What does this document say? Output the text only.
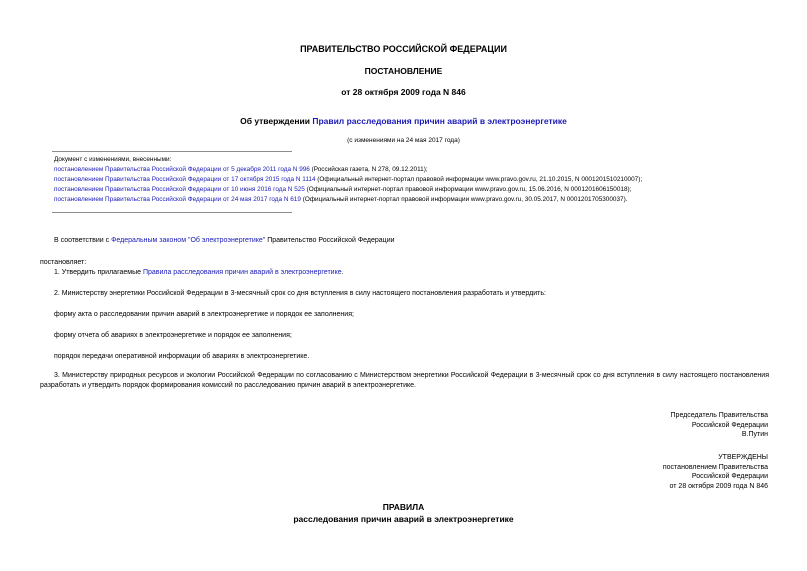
ПРАВИТЕЛЬСТВО РОССИЙСКОЙ ФЕДЕРАЦИИ
ПОСТАНОВЛЕНИЕ
от 28 октября 2009 года N 846
Об утверждении Правил расследования причин аварий в электроэнергетике
(с изменениями на 24 мая 2017 года)
Документ с изменениями, внесенными:
постановлением Правительства Российской Федерации от 5 декабря 2011 года N 996 (Российская газета, N 278, 09.12.2011);
постановлением Правительства Российской Федерации от 17 октября 2015 года N 1114 (Официальный интернет-портал правовой информации www.pravo.gov.ru, 21.10.2015, N 0001201510210007);
постановлением Правительства Российской Федерации от 10 июня 2016 года N 525 (Официальный интернет-портал правовой информации www.pravo.gov.ru, 15.06.2016, N 0001201606150018);
постановлением Правительства Российской Федерации от 24 мая 2017 года N 619 (Официальный интернет-портал правовой информации www.pravo.gov.ru, 30.05.2017, N 0001201705300037).
В соответствии с Федеральным законом "Об электроэнергетике" Правительство Российской Федерации
постановляет:
1. Утвердить прилагаемые Правила расследования причин аварий в электроэнергетике.
2. Министерству энергетики Российской Федерации в 3-месячный срок со дня вступления в силу настоящего постановления разработать и утвердить:
форму акта о расследовании причин аварий в электроэнергетике и порядок ее заполнения;
форму отчета об авариях в электроэнергетике и порядок ее заполнения;
порядок передачи оперативной информации об авариях в электроэнергетике.
3. Министерству природных ресурсов и экологии Российской Федерации по согласованию с Министерством энергетики Российской Федерации в 3-месячный срок со дня вступления в силу настоящего постановления разработать и утвердить порядок формирования комиссий по расследованию причин аварий в электроэнергетике.
Председатель Правительства
Российской Федерации
В.Путин
УТВЕРЖДЕНЫ
постановлением Правительства
Российской Федерации
от 28 октября 2009 года N 846
ПРАВИЛА
расследования причин аварий в электроэнергетике
